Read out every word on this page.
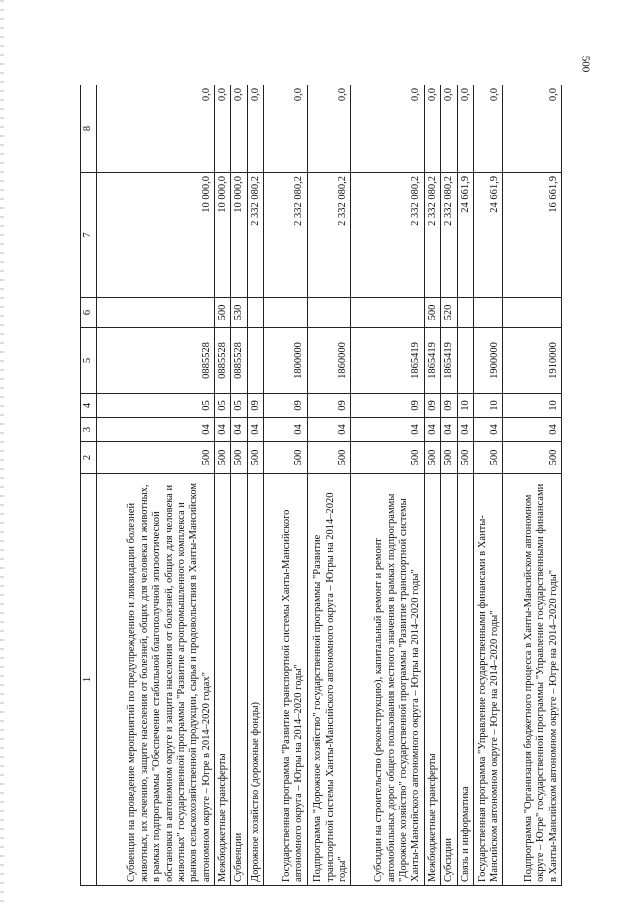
500
1	2	3	4	5	6	7	8
Субвенции на проведение мероприятий по предупреждению и ликвидации болезней животных, их лечению, защите населения от болезней, общих для человека и животных, в рамках подпрограммы "Обеспечение стабильной благополучной эпизоотической обстановки в автономном округе и защита населения от болезней, общих для человека и животных" государственной программы "Развитие агропромышленного комплекса и рынков сельскохозяйственной продукции, сырья и продовольствия в Ханты-Мансийском автономном округе – Югре в 2014–2020 годах"	500	04	05	0885528		10 000,0	0,0
Межбюджетные трансферты	500	04	05	0885528	500	10 000,0	0,0
Субвенции	500	04	05	0885528	530	10 000,0	0,0
Дорожное хозяйство (дорожные фонды)	500	04	09			2 332 080,2	0,0
Государственная программа "Развитие транспортной системы Ханты-Мансийского автономного округа – Югры на 2014–2020 годы"	500	04	09	1800000		2 332 080,2	0,0
Подпрограмма "Дорожное хозяйство" государственной программы "Развитие транспортной системы Ханты-Мансийского автономного округа – Югры на 2014–2020 годы"	500	04	09	1860000		2 332 080,2	0,0
Субсидии на строительство (реконструкцию), капитальный ремонт и ремонт автомобильных дорог общего пользования местного значения в рамках подпрограммы "Дорожное хозяйство" государственной программы "Развитие транспортной системы Ханты-Мансийского автономного округа – Югры на 2014–2020 годы"	500	04	09	1865419		2 332 080,2	0,0
Межбюджетные трансферты	500	04	09	1865419	500	2 332 080,2	0,0
Субсидии	500	04	09	1865419	520	2 332 080,2	0,0
Связь и информатика	500	04	10			24 661,9	0,0
Государственная программа "Управление государственными финансами в Ханты-Мансийском автономном округе – Югре на 2014–2020 годы"	500	04	10	1900000		24 661,9	0,0
Подпрограмма "Организация бюджетного процесса в Ханты-Мансийском автономном округе – Югре" государственной программы "Управление государственными финансами в Ханты-Мансийском автономном округе – Югре на 2014–2020 годы"	500	04	10	1910000		16 661,9	0,0
